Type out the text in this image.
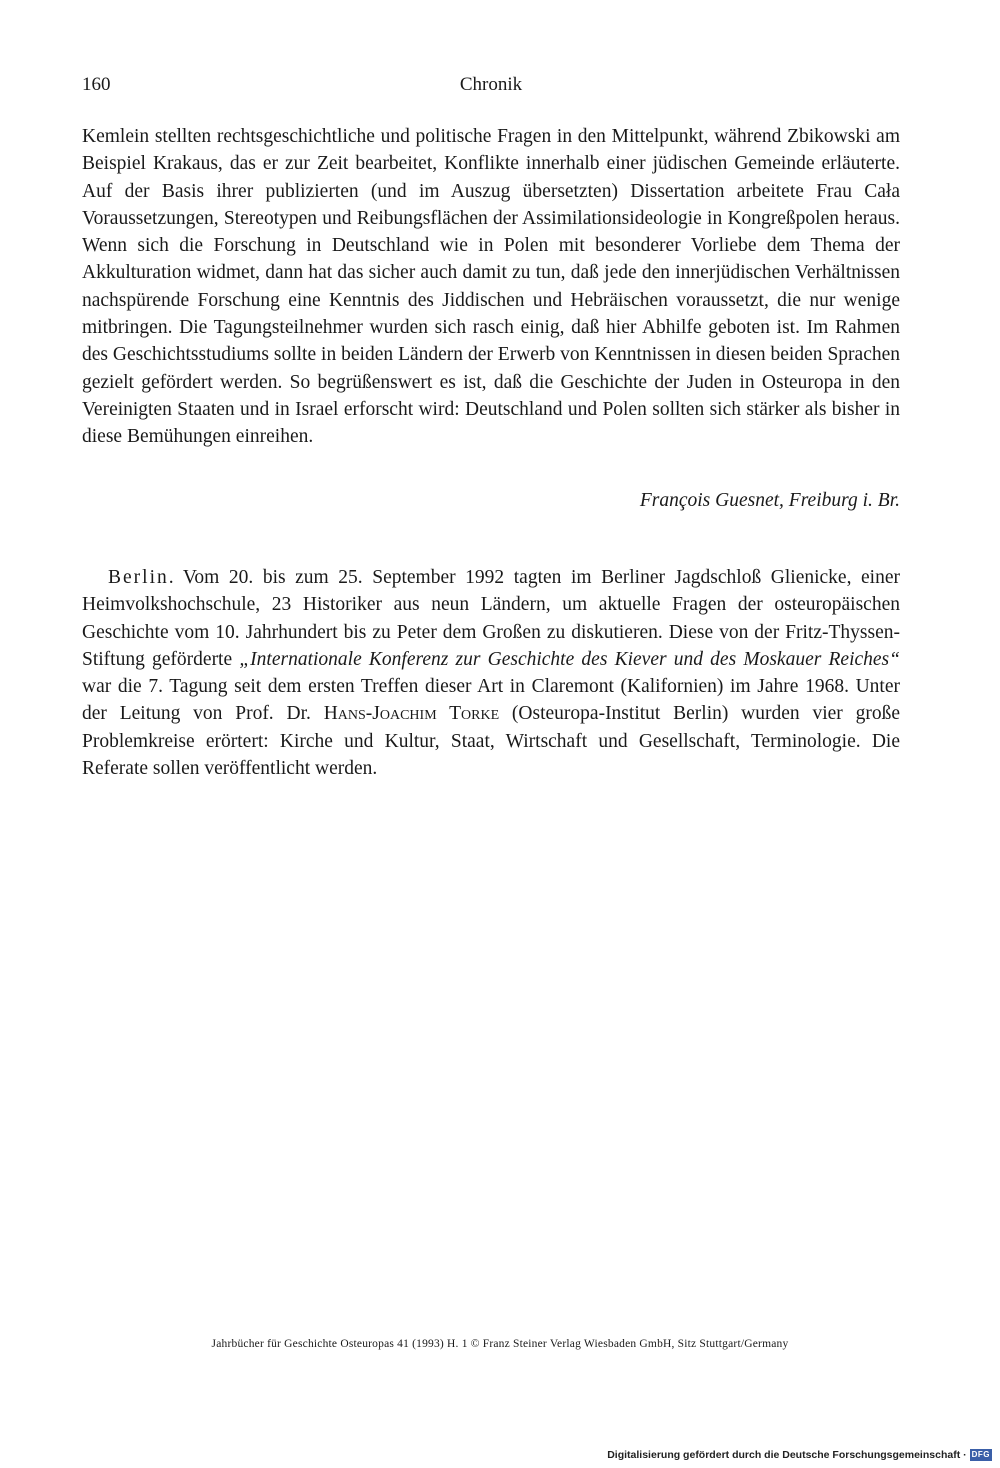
160	Chronik

Kemlein stellten rechtsgeschichtliche und politische Fragen in den Mittelpunkt, während Zbikowski am Beispiel Krakaus, das er zur Zeit bearbeitet, Konflikte innerhalb einer jüdischen Gemeinde erläuterte. Auf der Basis ihrer publizierten (und im Auszug übersetzten) Dissertation arbeitete Frau Cała Voraussetzungen, Stereotypen und Reibungsflächen der Assimilationsideologie in Kongreßpolen heraus. Wenn sich die Forschung in Deutschland wie in Polen mit besonderer Vorliebe dem Thema der Akkulturation widmet, dann hat das sicher auch damit zu tun, daß jede den innerjüdischen Verhältnissen nachspürende Forschung eine Kenntnis des Jiddischen und Hebräischen voraussetzt, die nur wenige mitbringen. Die Tagungsteilnehmer wurden sich rasch einig, daß hier Abhilfe geboten ist. Im Rahmen des Geschichtsstudiums sollte in beiden Ländern der Erwerb von Kenntnissen in diesen beiden Sprachen gezielt gefördert werden. So begrüßenswert es ist, daß die Geschichte der Juden in Osteuropa in den Vereinigten Staaten und in Israel erforscht wird: Deutschland und Polen sollten sich stärker als bisher in diese Bemühungen einreihen.

François Guesnet, Freiburg i. Br.

Berlin. Vom 20. bis zum 25. September 1992 tagten im Berliner Jagdschloß Glienicke, einer Heimvolkshochschule, 23 Historiker aus neun Ländern, um aktuelle Fragen der osteuropäischen Geschichte vom 10. Jahrhundert bis zu Peter dem Großen zu diskutieren. Diese von der Fritz-Thyssen-Stiftung geförderte „Internationale Konferenz zur Geschichte des Kiever und des Moskauer Reiches“ war die 7. Tagung seit dem ersten Treffen dieser Art in Claremont (Kalifornien) im Jahre 1968. Unter der Leitung von Prof. Dr. Hans-Joachim Torke (Osteuropa-Institut Berlin) wurden vier große Problemkreise erörtert: Kirche und Kultur, Staat, Wirtschaft und Gesellschaft, Terminologie. Die Referate sollen veröffentlicht werden.

Jahrbücher für Geschichte Osteuropas 41 (1993) H. 1 © Franz Steiner Verlag Wiesbaden GmbH, Sitz Stuttgart/Germany
Digitalisierung gefördert durch die Deutsche Forschungsgemeinschaft · DFG
